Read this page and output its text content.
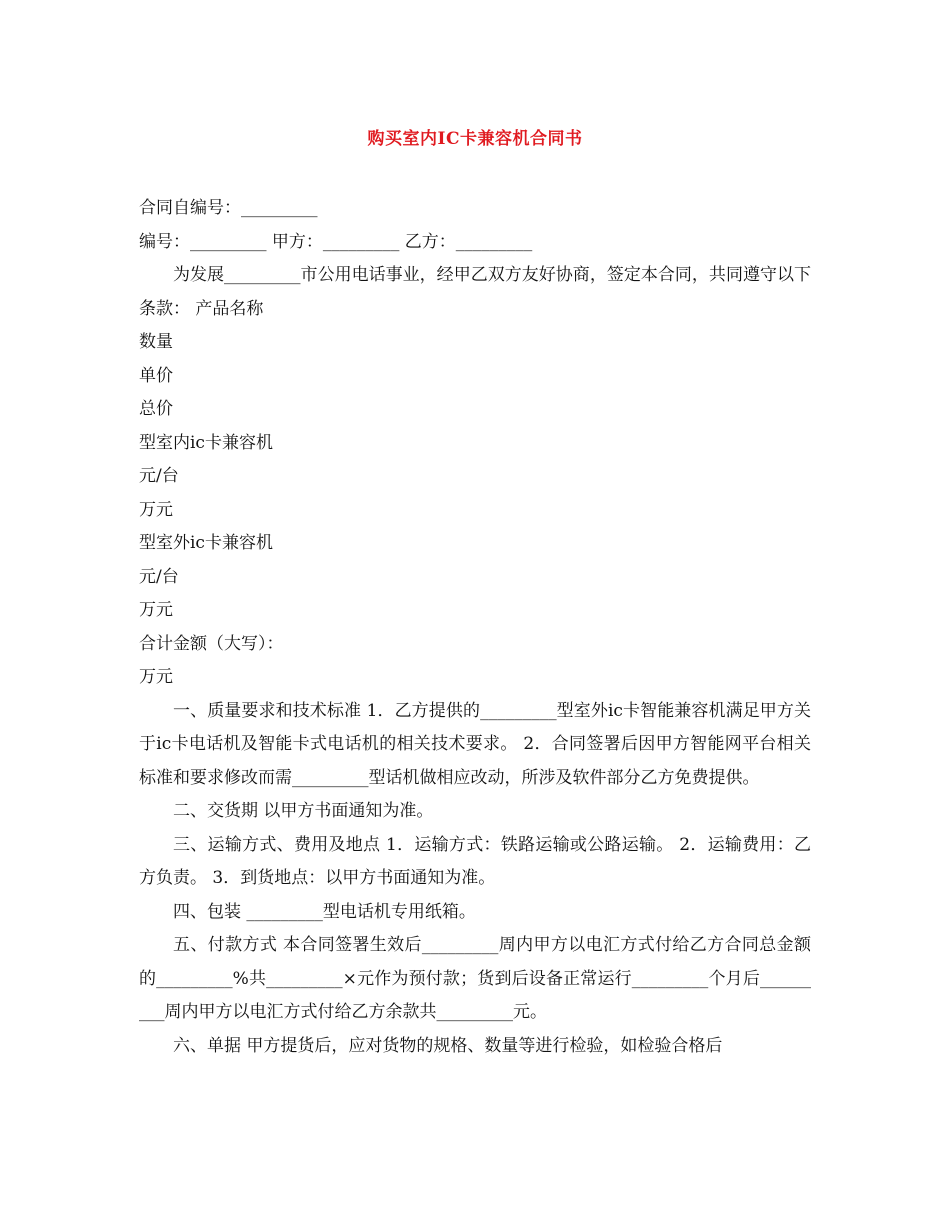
购买室内IC卡兼容机合同书

合同自编号：_________

编号：_________ 甲方：_________ 乙方：_________

为发展_________市公用电话事业，经甲乙双方友好协商，签定本合同，共同遵守以下条款： 产品名称

数量

单价

总价

型室内ic卡兼容机

元/台

万元

型室外ic卡兼容机

元/台

万元

合计金额（大写）：

万元

一、质量要求和技术标准 1．乙方提供的_________型室外ic卡智能兼容机满足甲方关于ic卡电话机及智能卡式电话机的相关技术要求。 2．合同签署后因甲方智能网平台相关标准和要求修改而需_________型话机做相应改动，所涉及软件部分乙方免费提供。

二、交货期 以甲方书面通知为准。

三、运输方式、费用及地点 1．运输方式：铁路运输或公路运输。 2．运输费用：乙方负责。 3．到货地点：以甲方书面通知为准。

四、包装 _________型电话机专用纸箱。

五、付款方式 本合同签署生效后_________周内甲方以电汇方式付给乙方合同总金额的_________%共_________×元作为预付款；货到后设备正常运行_________个月后_________周内甲方以电汇方式付给乙方余款共_________元。

六、单据 甲方提货后，应对货物的规格、数量等进行检验，如检验合格后
